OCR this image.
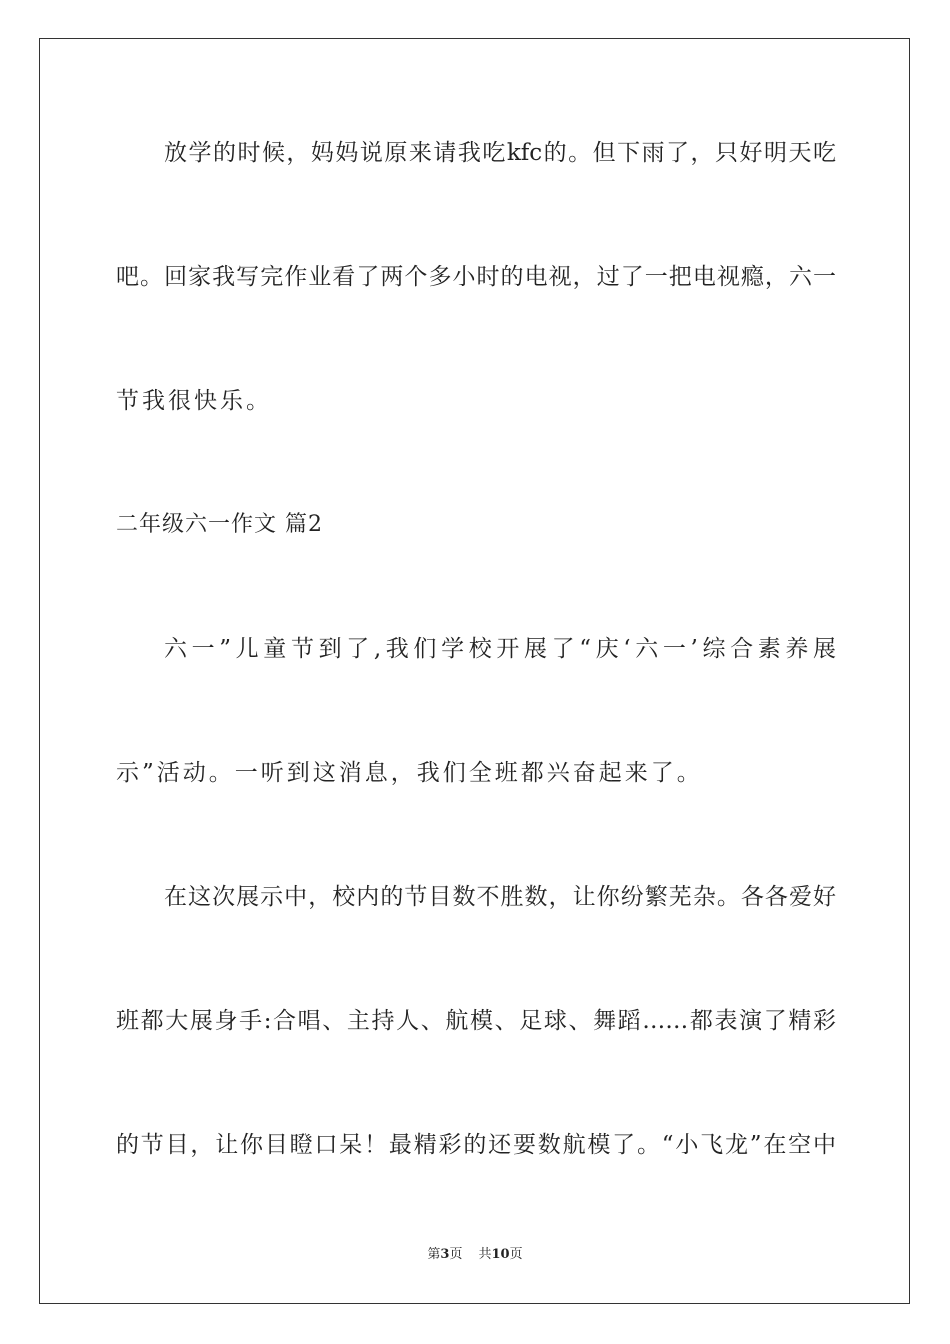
放学的时候，妈妈说原来请我吃kfc的。但下雨了，只好明天吃
吧。回家我写完作业看了两个多小时的电视，过了一把电视瘾，六一
节我很快乐。
二年级六一作文 篇2
六一”儿童节到了,我们学校开展了“庆‘六一’综合素养展
示”活动。一听到这消息，我们全班都兴奋起来了。
在这次展示中，校内的节目数不胜数，让你纷繁芜杂。各各爱好
班都大展身手:合唱、主持人、航模、足球、舞蹈……都表演了精彩
的节目，让你目瞪口呆！最精彩的还要数航模了。“小飞龙”在空中
第3页 共10页
